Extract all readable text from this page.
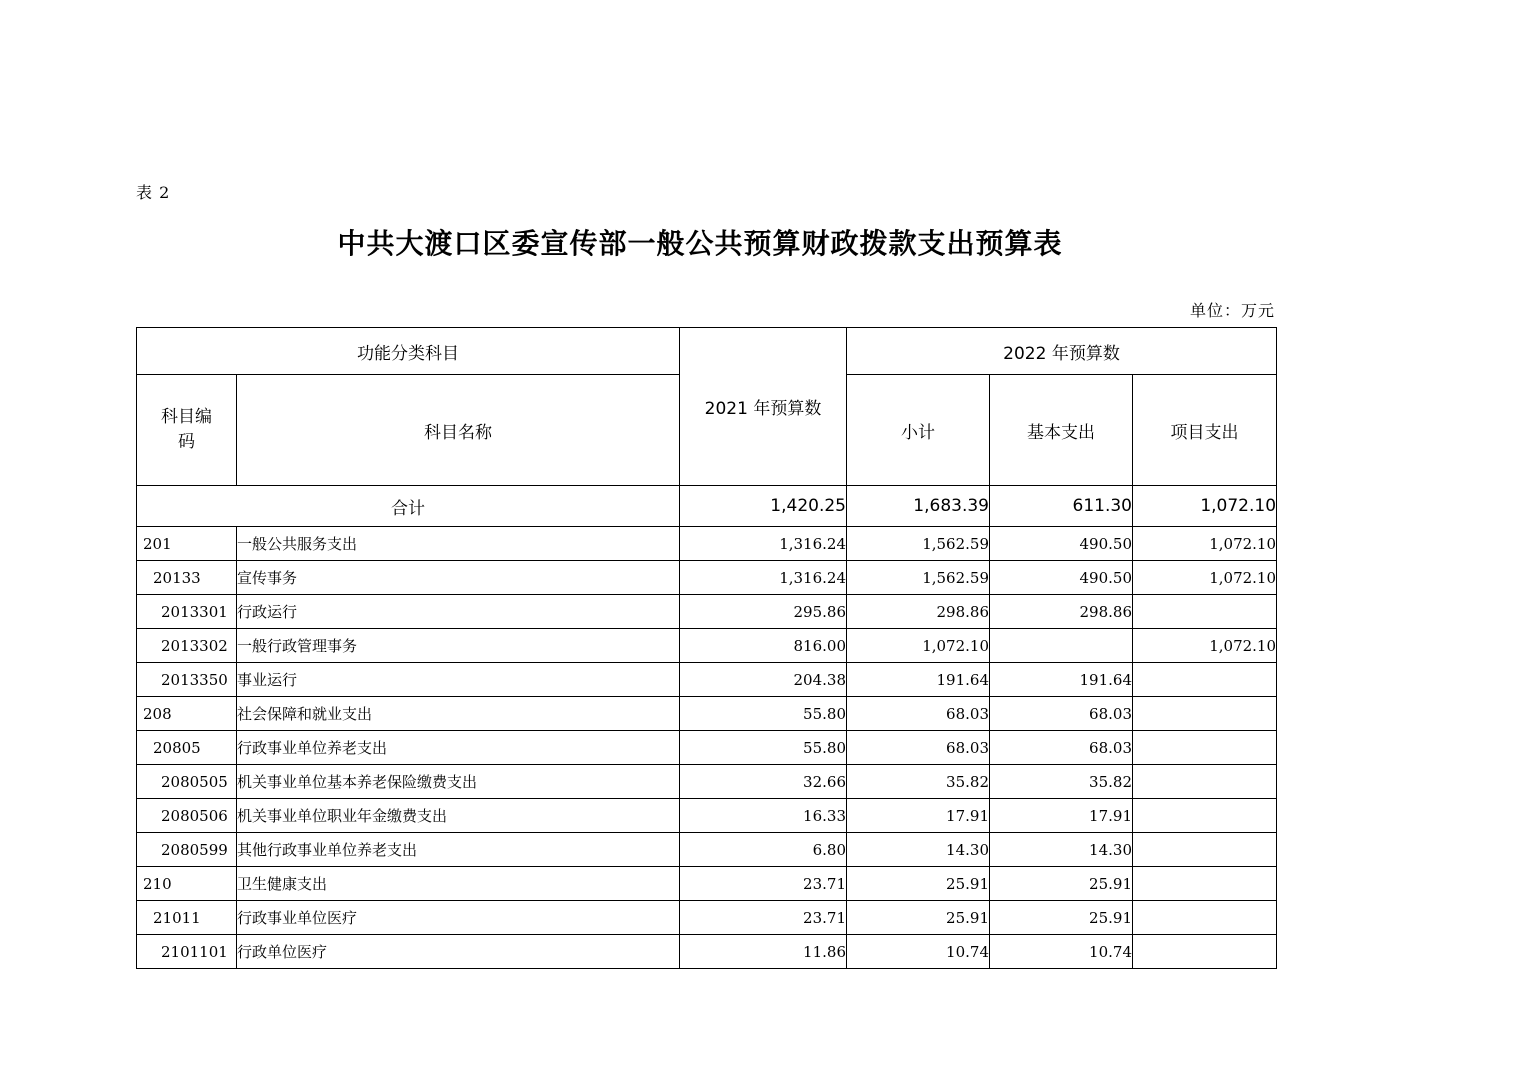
表 2
中共大渡口区委宣传部一般公共预算财政拨款支出预算表
单位：万元
功能分类科目		2021 年预算数	2022 年预算数		

科目编
码	科目名称		小计	基本支出	项目支出
合计		1,420.25	1,683.39	611.30	1,072.10
201	一般公共服务支出	1,316.24	1,562.59	490.50	1,072.10
20133	宣传事务	1,316.24	1,562.59	490.50	1,072.10
2013301	行政运行	295.86	298.86	298.86	
2013302	一般行政管理事务	816.00	1,072.10		1,072.10
2013350	事业运行	204.38	191.64	191.64	
208	社会保障和就业支出	55.80	68.03	68.03	
20805	行政事业单位养老支出	55.80	68.03	68.03	
2080505	机关事业单位基本养老保险缴费支出	32.66	35.82	35.82	
2080506	机关事业单位职业年金缴费支出	16.33	17.91	17.91	
2080599	其他行政事业单位养老支出	6.80	14.30	14.30	
210	卫生健康支出	23.71	25.91	25.91	
21011	行政事业单位医疗	23.71	25.91	25.91	
2101101	行政单位医疗	11.86	10.74	10.74	
